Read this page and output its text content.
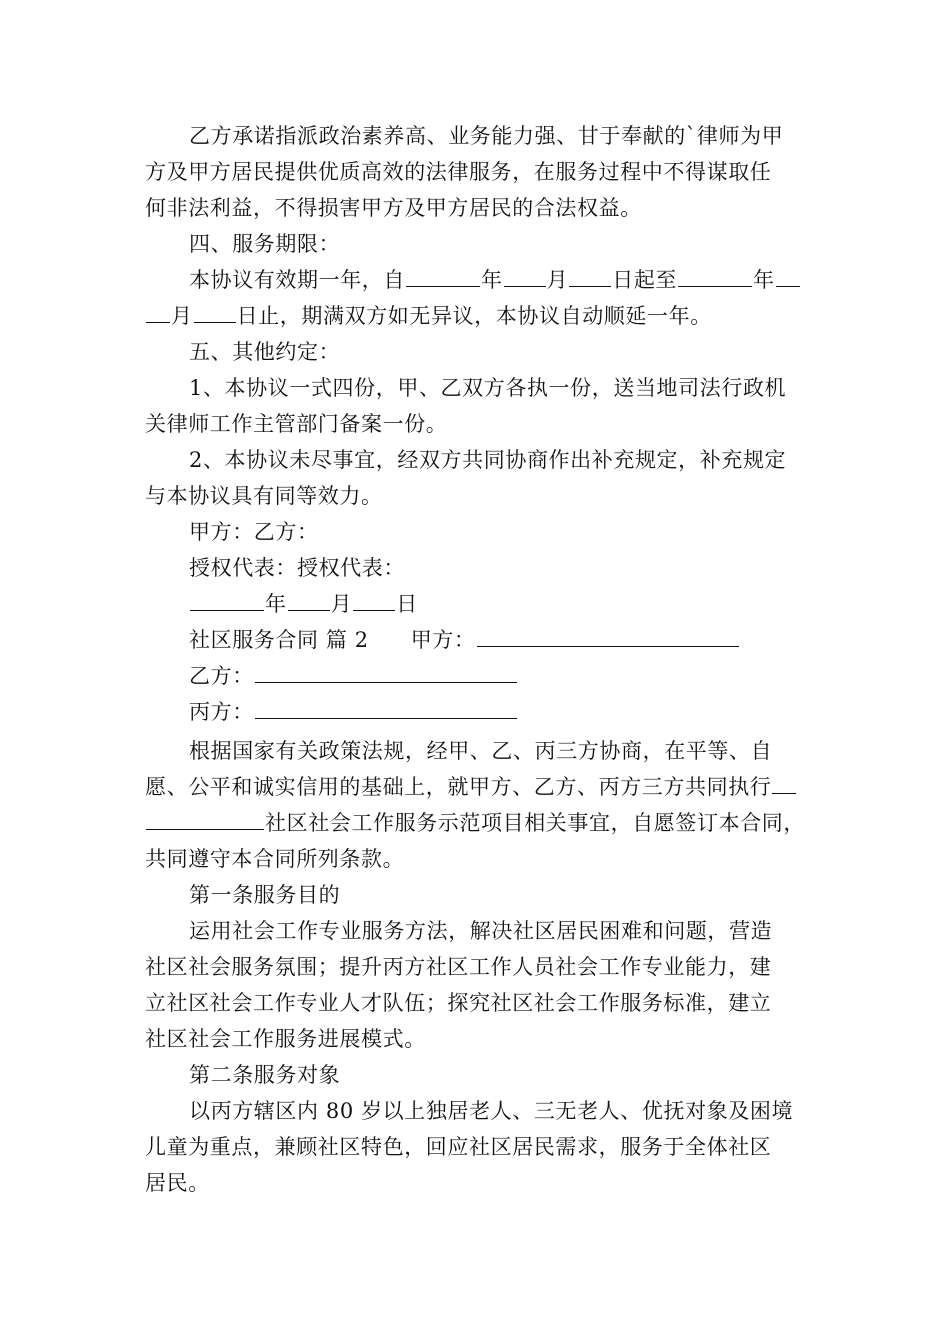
乙方承诺指派政治素养高、业务能力强、甘于奉献的`律师为甲
方及甲方居民提供优质高效的法律服务，在服务过程中不得谋取任
何非法利益，不得损害甲方及甲方居民的合法权益。
四、服务期限：
本协议有效期一年，自	年 月 日起至	年
月 日止，期满双方如无异议，本协议自动顺延一年。
五、其他约定：
1、本协议一式四份，甲、乙双方各执一份，送当地司法行政机
关律师工作主管部门备案一份。
2、本协议未尽事宜，经双方共同协商作出补充规定，补充规定
与本协议具有同等效力。
甲方：乙方：
授权代表：授权代表：
年 月 日
社区服务合同 篇 2 甲方：
乙方：
丙方：
根据国家有关政策法规，经甲、乙、丙三方协商，在平等、自
愿、公平和诚实信用的基础上，就甲方、乙方、丙方三方共同执行
社区社会工作服务示范项目相关事宜，自愿签订本合同，
共同遵守本合同所列条款。
第一条服务目的
运用社会工作专业服务方法，解决社区居民困难和问题，营造
社区社会服务氛围；提升丙方社区工作人员社会工作专业能力，建
立社区社会工作专业人才队伍；探究社区社会工作服务标准，建立
社区社会工作服务进展模式。
第二条服务对象
以丙方辖区内 80 岁以上独居老人、三无老人、优抚对象及困境
儿童为重点，兼顾社区特色，回应社区居民需求，服务于全体社区
居民。
